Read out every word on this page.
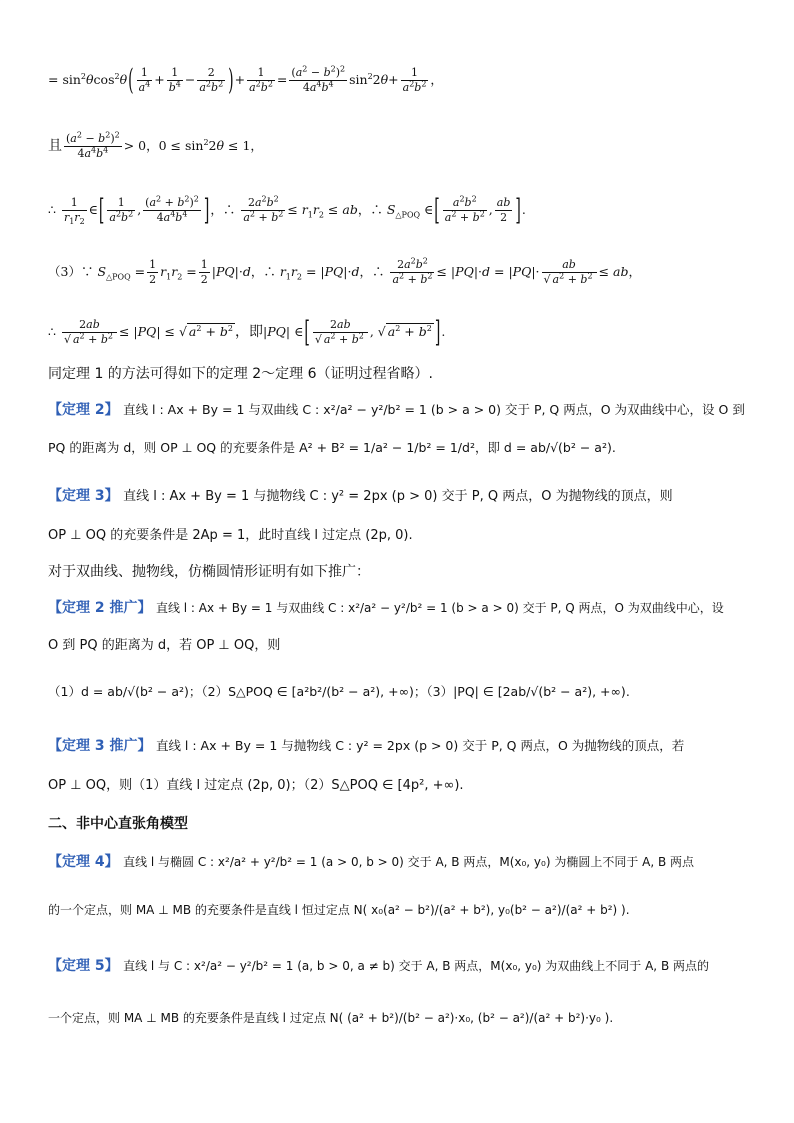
= $\sin^2\theta\cos^2\theta( \frac{1}{a^4} + \frac{1}{b^4} - \frac{2}{a^2b^2}$ )+ $\frac{1}{a^2b^2} = \frac{(a^2 - b^2)^2}{4a^4b^4} \sin^22\theta+ \frac{1}{a^2b^2}$ ，
且 $\frac{(a^2 - b^2)^2}{4a^4b^4} > 0$，$0 \le \sin^22\theta \le 1$，
∴ $\frac{1}{r_1r_2}$ ∈[ $\frac{1}{a^2b^2}$ , $\frac{(a^2 + b^2)^2}{4a^4b^4}$ ]，∴ $\frac{2a^2b^2}{a^2 + b^2} \le r_1r_2$ ≤ ab，∴ $S_{\triangle POQ}$ ∈[ $\frac{a^2b^2}{a^2 + b^2}$ , $\frac{ab}{2}$ ].
（3）∵ $S_{\triangle POQ} = \frac{1}{2} r_1r_2 = \frac{1}{2} |PQ|\cdot d$，∴ $r_1r_2 = |PQ|\cdot d$，∴ $\frac{2a^2b^2}{a^2 + b^2} \le |PQ|\cdot d = |PQ|\cdot \frac{ab}{√ a^2 + b^2}$ ≤ ab，
∴ $\frac{2ab}{√ a^2 + b^2} \le |PQ|$ ≤ √ $a^2 + b^2$ ，即|PQ| ∈[ $\frac{2ab}{√ a^2 + b^2}$ , √ $a^2 + b^2$ ].
同定理 1 的方法可得如下的定理 2～定理 6（证明过程省略）.
【定理 2】 直线 l : Ax + By = 1 与双曲线 C : x²/a² − y²/b² = 1 (b > a > 0) 交于 P, Q 两点，O 为双曲线中心，设 O 到
PQ 的距离为 d，则 OP ⊥ OQ 的充要条件是 A² + B² = 1/a² − 1/b² = 1/d²，即 d = ab/√(b² − a²).
【定理 3】 直线 l : Ax + By = 1 与抛物线 C : y² = 2px (p > 0) 交于 P, Q 两点，O 为抛物线的顶点，则
OP ⊥ OQ 的充要条件是 2Ap = 1，此时直线 l 过定点 (2p, 0).
对于双曲线、抛物线，仿椭圆情形证明有如下推广：
【定理 2 推广】 直线 l : Ax + By = 1 与双曲线 C : x²/a² − y²/b² = 1 (b > a > 0) 交于 P, Q 两点，O 为双曲线中心，设
O 到 PQ 的距离为 d，若 OP ⊥ OQ，则
（1）d = ab/√(b² − a²)；（2）S△POQ ∈ [a²b²/(b² − a²), +∞)；（3）|PQ| ∈ [2ab/√(b² − a²), +∞).
【定理 3 推广】 直线 l : Ax + By = 1 与抛物线 C : y² = 2px (p > 0) 交于 P, Q 两点，O 为抛物线的顶点，若
OP ⊥ OQ，则（1）直线 l 过定点 (2p, 0)；（2）S△POQ ∈ [4p², +∞).
二、非中心直张角模型
【定理 4】 直线 l 与椭圆 C : x²/a² + y²/b² = 1 (a > 0, b > 0) 交于 A, B 两点，M(x₀, y₀) 为椭圆上不同于 A, B 两点
的一个定点，则 MA ⊥ MB 的充要条件是直线 l 恒过定点 N( x₀(a² − b²)/(a² + b²), y₀(b² − a²)/(a² + b²) ).
【定理 5】 直线 l 与 C : x²/a² − y²/b² = 1 (a, b > 0, a ≠ b) 交于 A, B 两点，M(x₀, y₀) 为双曲线上不同于 A, B 两点的
一个定点，则 MA ⊥ MB 的充要条件是直线 l 过定点 N( (a² + b²)/(b² − a²)·x₀, (b² − a²)/(a² + b²)·y₀ ).
